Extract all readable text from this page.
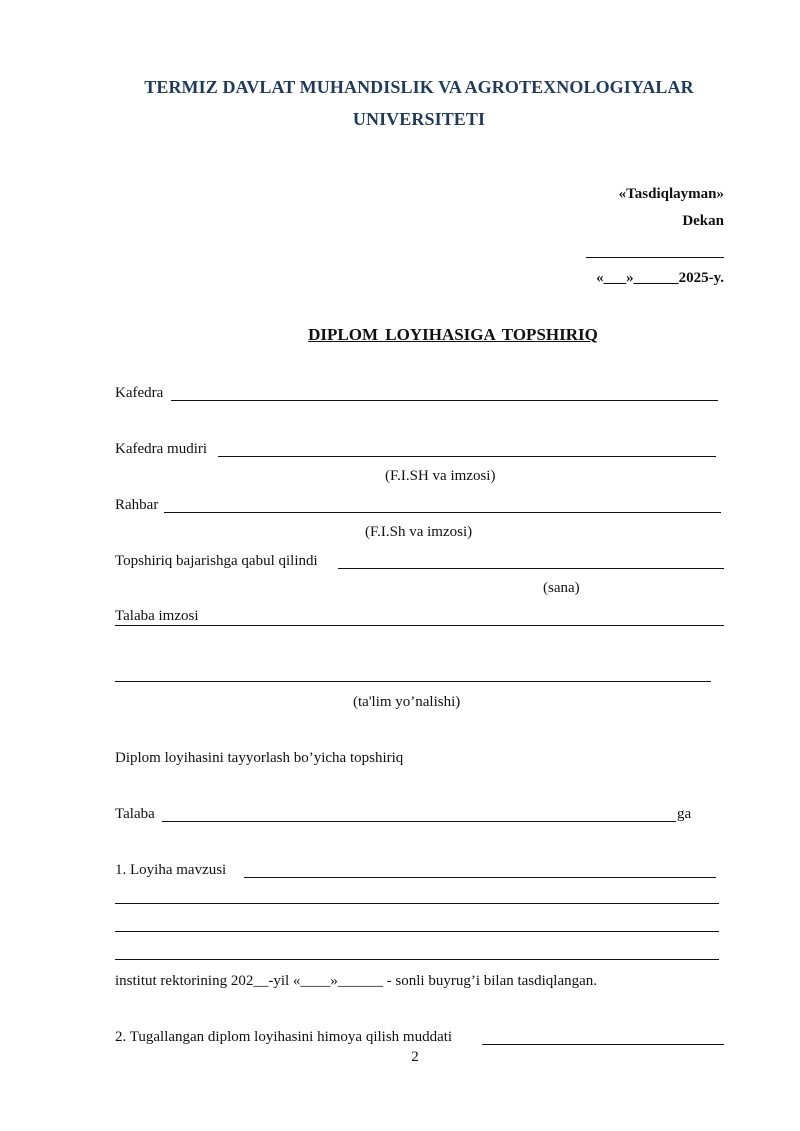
TERMIZ DAVLAT MUHANDISLIK VA AGROTEXNOLOGIYALAR
UNIVERSITETI
«Tasdiqlayman»
Dekan
«___»______2025-y.
DIPLOM LOYIHASIGA TOPSHIRIQ
Kafedra
Kafedra mudiri
(F.I.SH va imzosi)
Rahbar
(F.I.Sh va imzosi)
Topshiriq bajarishga qabul qilindi
(sana)
Talaba imzosi
(ta'lim yo’nalishi)
Diplom loyihasini tayyorlash bo’yicha topshiriq
Talaba	ga
1. Loyiha mavzusi
institut rektorining 202__-yil «____»______ - sonli buyrug’i bilan tasdiqlangan.
2. Tugallangan diplom loyihasini himoya qilish muddati
2
